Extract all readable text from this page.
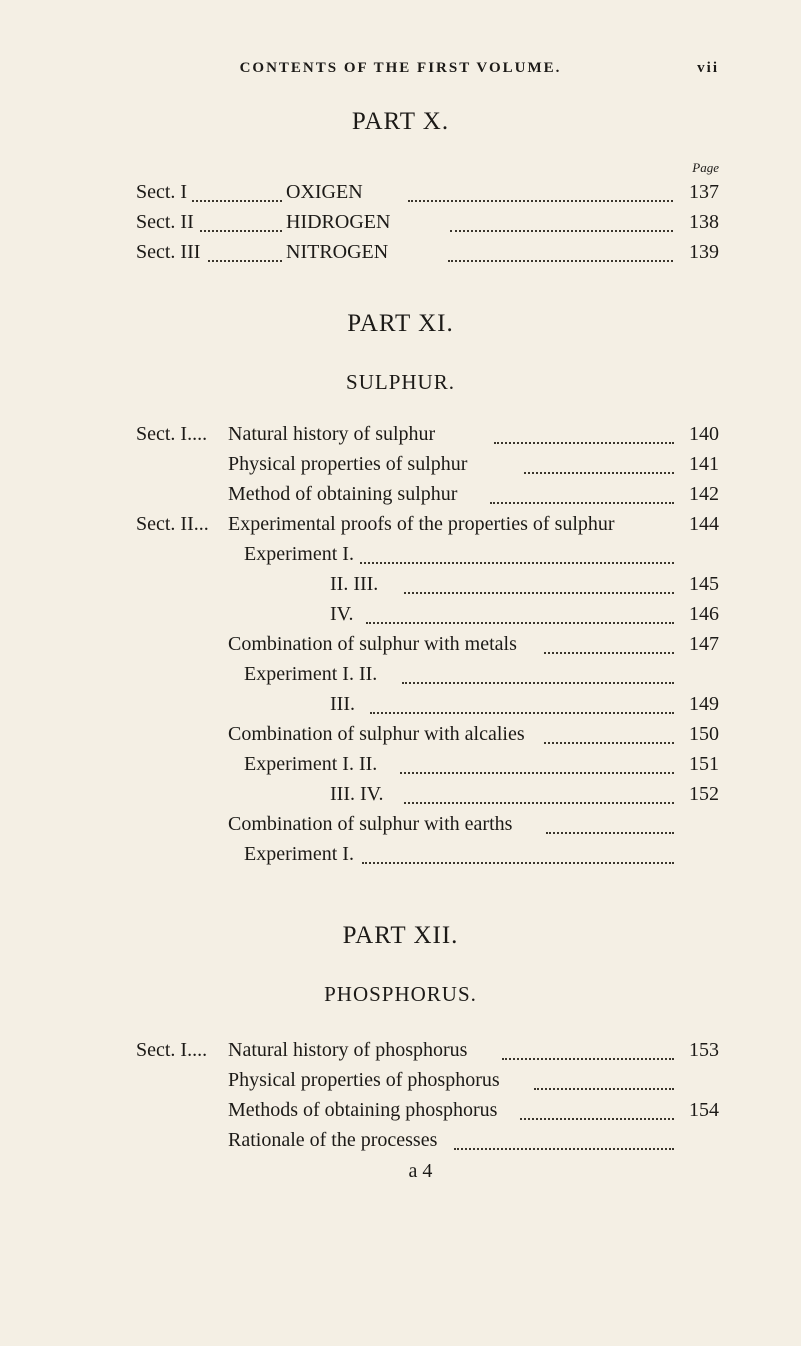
CONTENTS OF THE FIRST VOLUME.	vii
PART X.
Page
Sect. I	OXIGEN	137
Sect. II	HIDROGEN	138
Sect. III	NITROGEN	139
PART XI.
SULPHUR.
Sect. I.... Natural history of sulphur	140
Physical properties of sulphur	141
Method of obtaining sulphur	142
Sect. II... Experimental proofs of the properties of sulphur	144
Experiment I.
II. III.	145
IV.	146
Combination of sulphur with metals	147
Experiment I. II.
III.	149
Combination of sulphur with alcalies	150
Experiment I. II.	151
III. IV.	152
Combination of sulphur with earths
Experiment I.
PART XII.
PHOSPHORUS.
Sect. I.... Natural history of phosphorus	153
Physical properties of phosphorus
Methods of obtaining phosphorus	154
Rationale of the processes
a 4
